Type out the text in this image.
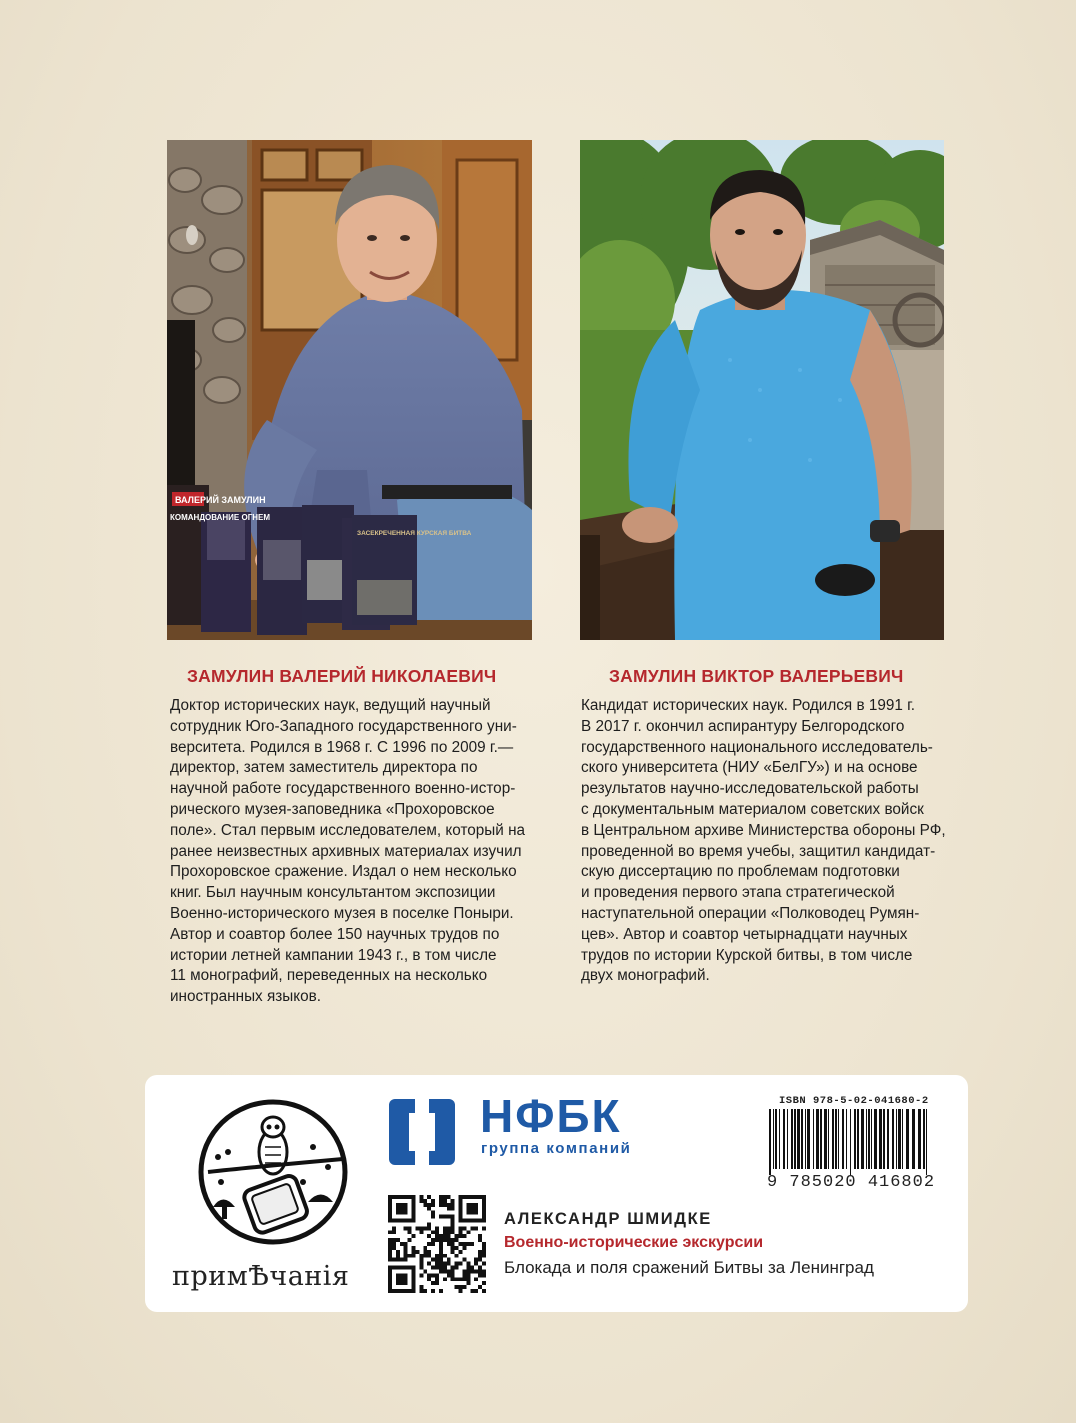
ВАЛЕРИЙ ЗАМУЛИН
КОМАНДОВАНИЕ ОГНЕМ
ЗАСЕКРЕЧЕННАЯ КУРСКАЯ БИТВА
ЗАМУЛИН ВАЛЕРИЙ НИКОЛАЕВИЧ	ЗАМУЛИН ВИКТОР ВАЛЕРЬЕВИЧ
Доктор исторических наук, ведущий научный
сотрудник Юго-Западного государственного уни-
верситета. Родился в 1968 г. С 1996 по 2009 г.—
директор, затем заместитель директора по
научной работе государственного военно-истор-
рического музея-заповедника «Прохоровское
поле». Стал первым исследователем, который на
ранее неизвестных архивных материалах изучил
Прохоровское сражение. Издал о нем несколько
книг. Был научным консультантом экспозиции
Военно-исторического музея в поселке Поныри.
Автор и соавтор более 150 научных трудов по
истории летней кампании 1943 г., в том числе
11 монографий, переведенных на несколько
иностранных языков.
Кандидат исторических наук. Родился в 1991 г.
В 2017 г. окончил аспирантуру Белгородского
государственного национального исследователь-
ского университета (НИУ «БелГУ») и на основе
результатов научно-исследовательской работы
с документальным материалом советских войск
в Центральном архиве Министерства обороны РФ,
проведенной во время учебы, защитил кандидат-
скую диссертацию по проблемам подготовки
и проведения первого этапа стратегической
наступательной операции «Полководец Румян-
цев». Автор и соавтор четырнадцати научных
трудов по истории Курской битвы, в том числе
двух монографий.
примѢчанія
НФБК
группа компаний
ISBN 978-5-02-041680-2
9 785020 416802
АЛЕКСАНДР ШМИДКЕ
Военно-исторические экскурсии
Блокада и поля сражений Битвы за Ленинград
